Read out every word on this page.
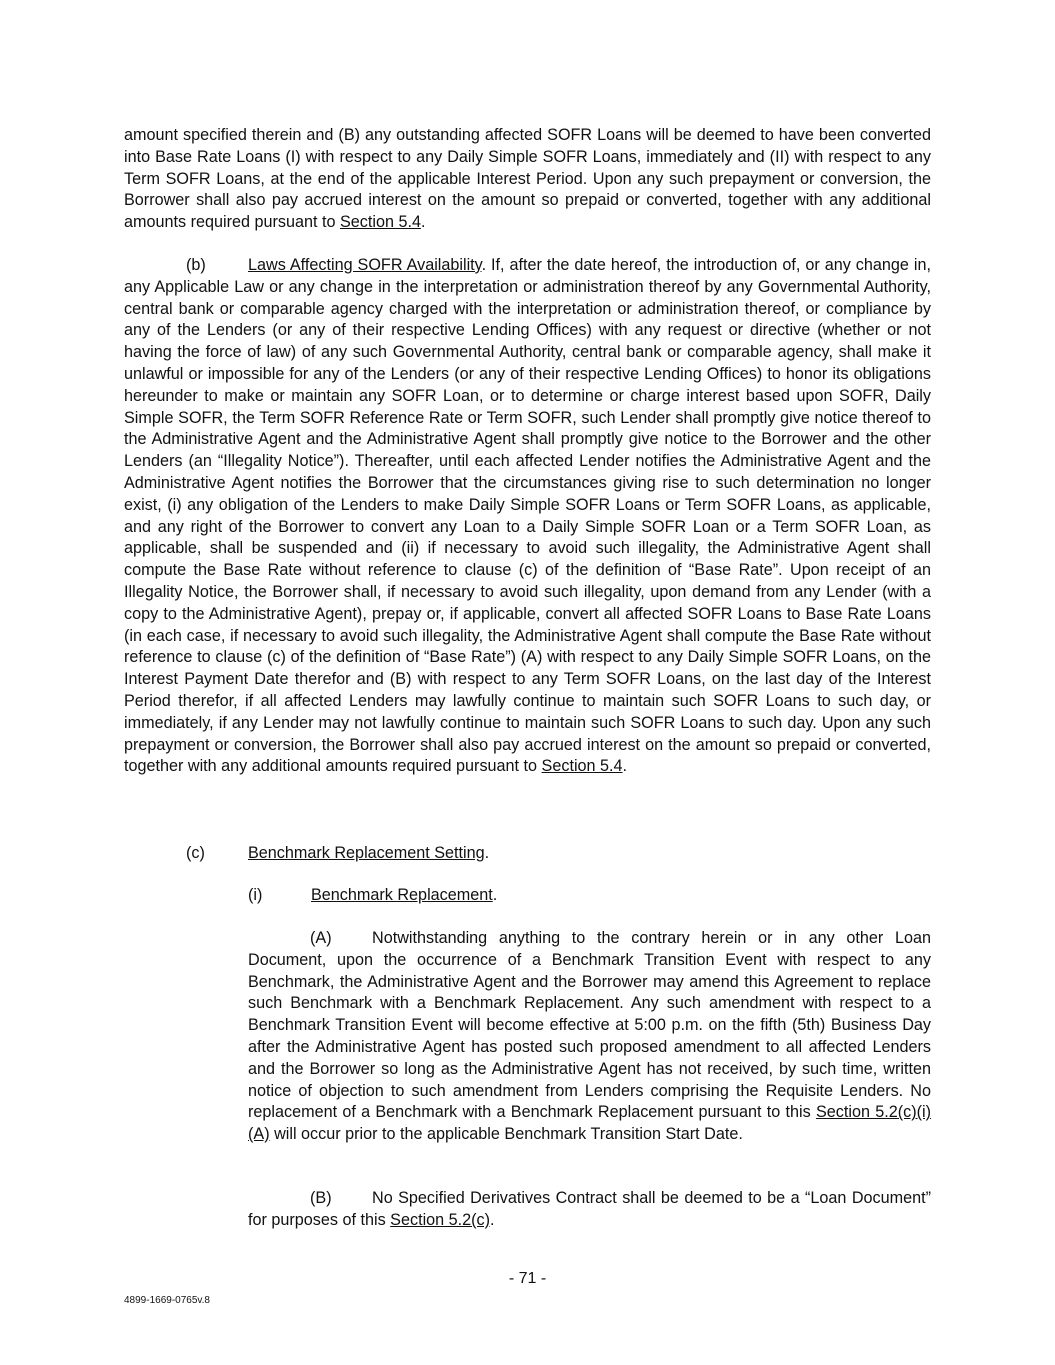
amount specified therein and (B) any outstanding affected SOFR Loans will be deemed to have been converted into Base Rate Loans (I) with respect to any Daily Simple SOFR Loans, immediately and (II) with respect to any Term SOFR Loans, at the end of the applicable Interest Period. Upon any such prepayment or conversion, the Borrower shall also pay accrued interest on the amount so prepaid or converted, together with any additional amounts required pursuant to Section 5.4.

(b)	Laws Affecting SOFR Availability. If, after the date hereof, the introduction of, or any change in, any Applicable Law or any change in the interpretation or administration thereof by any Governmental Authority, central bank or comparable agency charged with the interpretation or administration thereof, or compliance by any of the Lenders (or any of their respective Lending Offices) with any request or directive (whether or not having the force of law) of any such Governmental Authority, central bank or comparable agency, shall make it unlawful or impossible for any of the Lenders (or any of their respective Lending Offices) to honor its obligations hereunder to make or maintain any SOFR Loan, or to determine or charge interest based upon SOFR, Daily Simple SOFR, the Term SOFR Reference Rate or Term SOFR, such Lender shall promptly give notice thereof to the Administrative Agent and the Administrative Agent shall promptly give notice to the Borrower and the other Lenders (an “Illegality Notice”). Thereafter, until each affected Lender notifies the Administrative Agent and the Administrative Agent notifies the Borrower that the circumstances giving rise to such determination no longer exist, (i) any obligation of the Lenders to make Daily Simple SOFR Loans or Term SOFR Loans, as applicable, and any right of the Borrower to convert any Loan to a Daily Simple SOFR Loan or a Term SOFR Loan, as applicable, shall be suspended and (ii) if necessary to avoid such illegality, the Administrative Agent shall compute the Base Rate without reference to clause (c) of the definition of “Base Rate”. Upon receipt of an Illegality Notice, the Borrower shall, if necessary to avoid such illegality, upon demand from any Lender (with a copy to the Administrative Agent), prepay or, if applicable, convert all affected SOFR Loans to Base Rate Loans (in each case, if necessary to avoid such illegality, the Administrative Agent shall compute the Base Rate without reference to clause (c) of the definition of “Base Rate”) (A) with respect to any Daily Simple SOFR Loans, on the Interest Payment Date therefor and (B) with respect to any Term SOFR Loans, on the last day of the Interest Period therefor, if all affected Lenders may lawfully continue to maintain such SOFR Loans to such day, or immediately, if any Lender may not lawfully continue to maintain such SOFR Loans to such day. Upon any such prepayment or conversion, the Borrower shall also pay accrued interest on the amount so prepaid or converted, together with any additional amounts required pursuant to Section 5.4.

(c)	Benchmark Replacement Setting.

(i)	Benchmark Replacement.

(A) Notwithstanding anything to the contrary herein or in any other Loan Document, upon the occurrence of a Benchmark Transition Event with respect to any Benchmark, the Administrative Agent and the Borrower may amend this Agreement to replace such Benchmark with a Benchmark Replacement. Any such amendment with respect to a Benchmark Transition Event will become effective at 5:00 p.m. on the fifth (5th) Business Day after the Administrative Agent has posted such proposed amendment to all affected Lenders and the Borrower so long as the Administrative Agent has not received, by such time, written notice of objection to such amendment from Lenders comprising the Requisite Lenders. No replacement of a Benchmark with a Benchmark Replacement pursuant to this Section 5.2(c)(i)(A) will occur prior to the applicable Benchmark Transition Start Date.

(B) No Specified Derivatives Contract shall be deemed to be a “Loan Document” for purposes of this Section 5.2(c).

- 71 -
4899-1669-0765v.8
